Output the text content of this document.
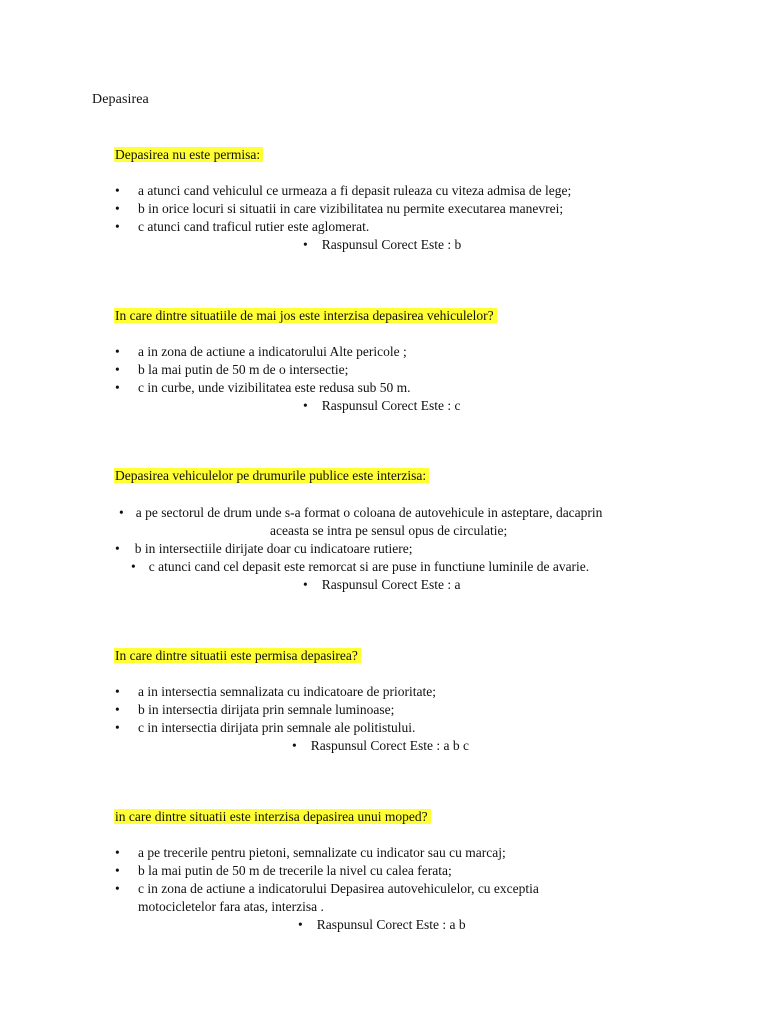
Depasirea
Depasirea nu este permisa:
• a atunci cand vehiculul ce urmeaza a fi depasit ruleaza cu viteza admisa de lege;
• b in orice locuri si situatii in care vizibilitatea nu permite executarea manevrei;
• c atunci cand traficul rutier este aglomerat.
• Raspunsul Corect Este : b
In care dintre situatiile de mai jos este interzisa depasirea vehiculelor?
• a in zona de actiune a indicatorului Alte pericole ;
• b la mai putin de 50 m de o intersectie;
• c in curbe, unde vizibilitatea este redusa sub 50 m.
• Raspunsul Corect Este : c
Depasirea vehiculelor pe drumurile publice este interzisa:
• a pe sectorul de drum unde s-a format o coloana de autovehicule in asteptare, dacaprin
aceasta se intra pe sensul opus de circulatie;
• b in intersectiile dirijate doar cu indicatoare rutiere;
• c atunci cand cel depasit este remorcat si are puse in functiune luminile de avarie.
• Raspunsul Corect Este : a
In care dintre situatii este permisa depasirea?
• a in intersectia semnalizata cu indicatoare de prioritate;
• b in intersectia dirijata prin semnale luminoase;
• c in intersectia dirijata prin semnale ale politistului.
• Raspunsul Corect Este : a b c
in care dintre situatii este interzisa depasirea unui moped?
• a pe trecerile pentru pietoni, semnalizate cu indicator sau cu marcaj;
• b la mai putin de 50 m de trecerile la nivel cu calea ferata;
• c in zona de actiune a indicatorului Depasirea autovehiculelor, cu exceptia
motocicletelor fara atas, interzisa .
• Raspunsul Corect Este : a b
